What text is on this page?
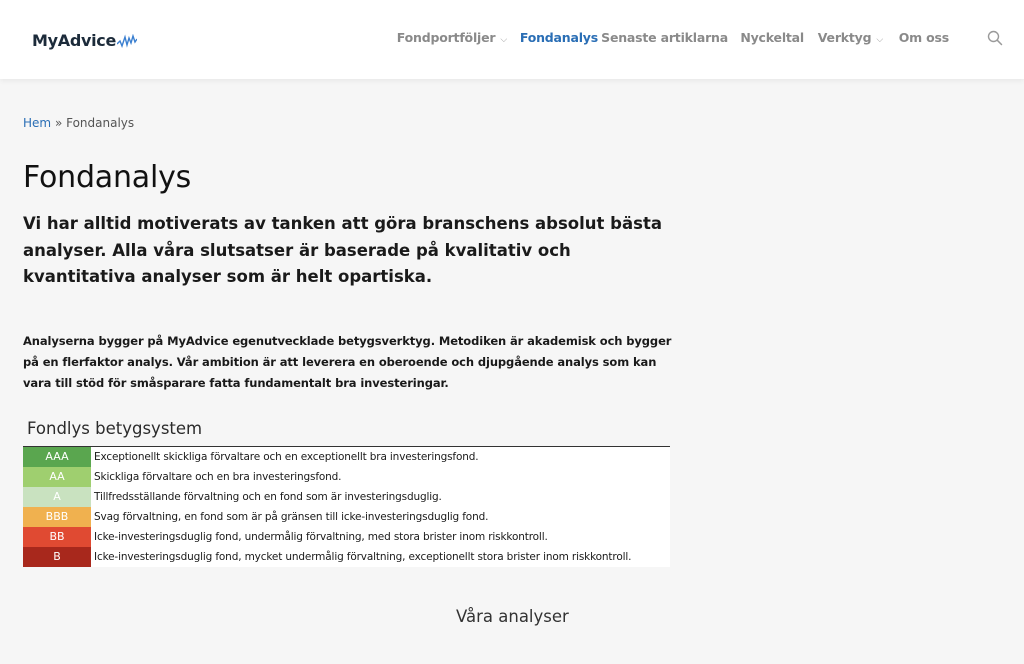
MyAdvice	Fondportföljer ⌵ Fondanalys Senaste artiklarna Nyckeltal Verktyg ⌵ Om oss
Hem » Fondanalys
Fondanalys

Vi har alltid motiverats av tanken att göra branschens absolut bästa analyser. Alla våra slutsatser är baserade på kvalitativ och kvantitativa analyser som är helt opartiska.

Analyserna bygger på MyAdvice egenutvecklade betygsverktyg. Metodiken är akademisk och bygger på en flerfaktor analys. Vår ambition är att leverera en oberoende och djupgående analys som kan vara till stöd för småsparare fatta fundamentalt bra investeringar.

Fondlys betygsystem
AAA	Exceptionellt skickliga förvaltare och en exceptionellt bra investeringsfond.
AA	Skickliga förvaltare och en bra investeringsfond.
A	Tillfredsställande förvaltning och en fond som är investeringsduglig.
BBB	Svag förvaltning, en fond som är på gränsen till icke-investeringsduglig fond.
BB	Icke-investeringsduglig fond, undermålig förvaltning, med stora brister inom riskkontroll.
B	Icke-investeringsduglig fond, mycket undermålig förvaltning, exceptionellt stora brister inom riskkontroll.
Våra analyser
